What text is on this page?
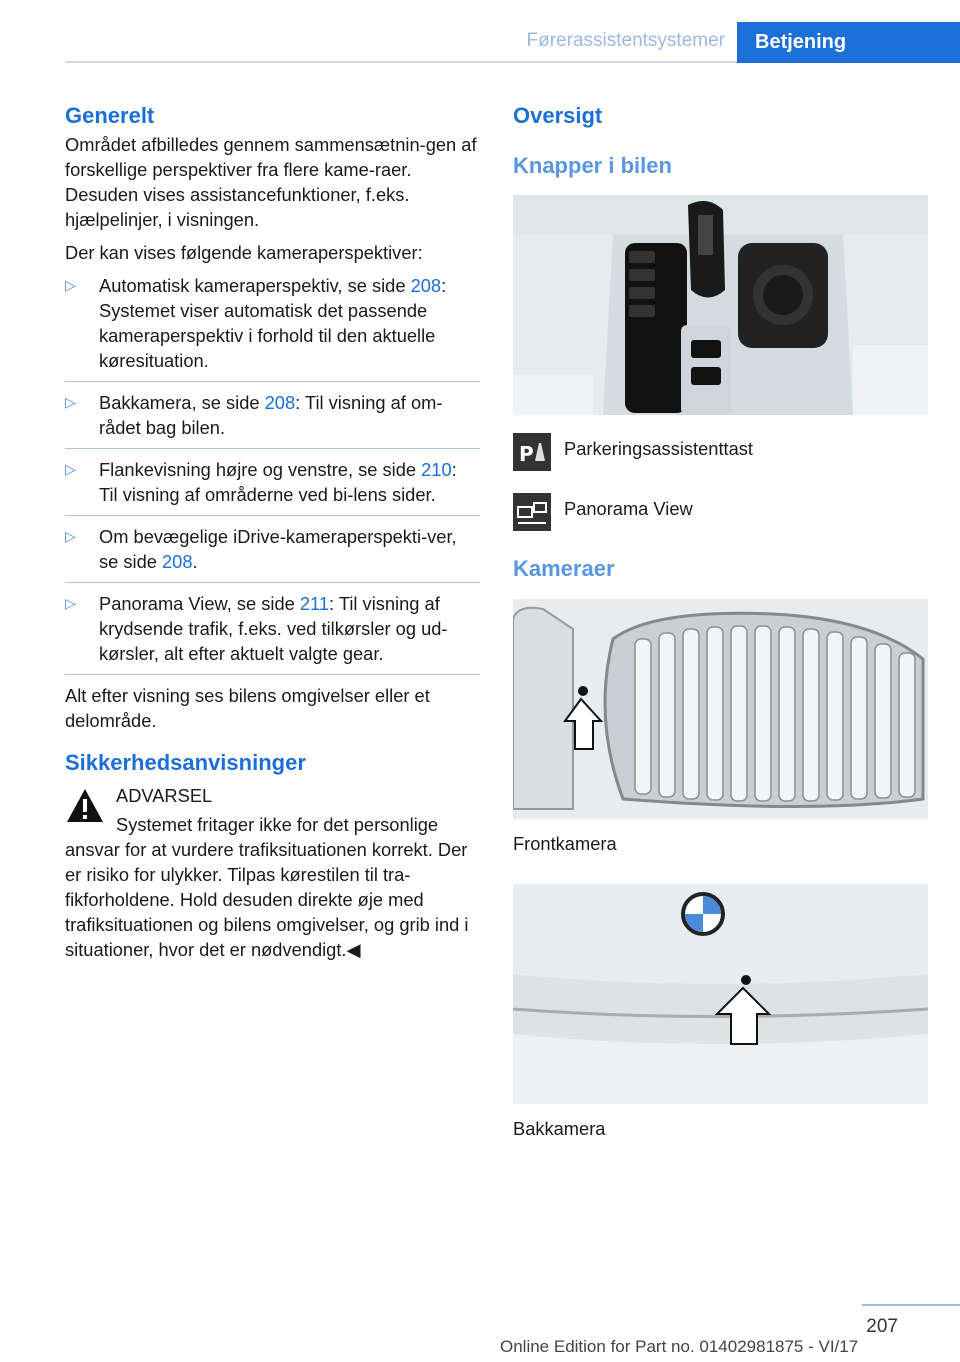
Førerassistentsystemer	Betjening
Generelt

Området afbilledes gennem sammensætnin-gen af forskellige perspektiver fra flere kame-raer. Desuden vises assistancefunktioner, f.eks. hjælpelinjer, i visningen.

Der kan vises følgende kameraperspektiver:

▷ Automatisk kameraperspektiv, se side 208: Systemet viser automatisk det passende kameraperspektiv i forhold til den aktuelle køresituation.
▷ Bakkamera, se side 208: Til visning af om-rådet bag bilen.
▷ Flankevisning højre og venstre, se side 210: Til visning af områderne ved bi-lens sider.
▷ Om bevægelige iDrive-kameraperspekti-ver, se side 208.
▷ Panorama View, se side 211: Til visning af krydsende trafik, f.eks. ved tilkørsler og ud-kørsler, alt efter aktuelt valgte gear.

Alt efter visning ses bilens omgivelser eller et delområde.

Sikkerhedsanvisninger

ADVARSEL

Systemet fritager ikke for det personlige ansvar for at vurdere trafiksituationen korrekt. Der er risiko for ulykker. Tilpas kørestilen til tra-fikforholdene. Hold desuden direkte øje med trafiksituationen og bilens omgivelser, og grib ind i situationer, hvor det er nødvendigt.◀

Oversigt
Knapper i bilen
P Parkeringsassistenttast
Panorama View
Kameraer

Frontkamera

Bakkamera

207
Online Edition for Part no. 01402981875 - VI/17
